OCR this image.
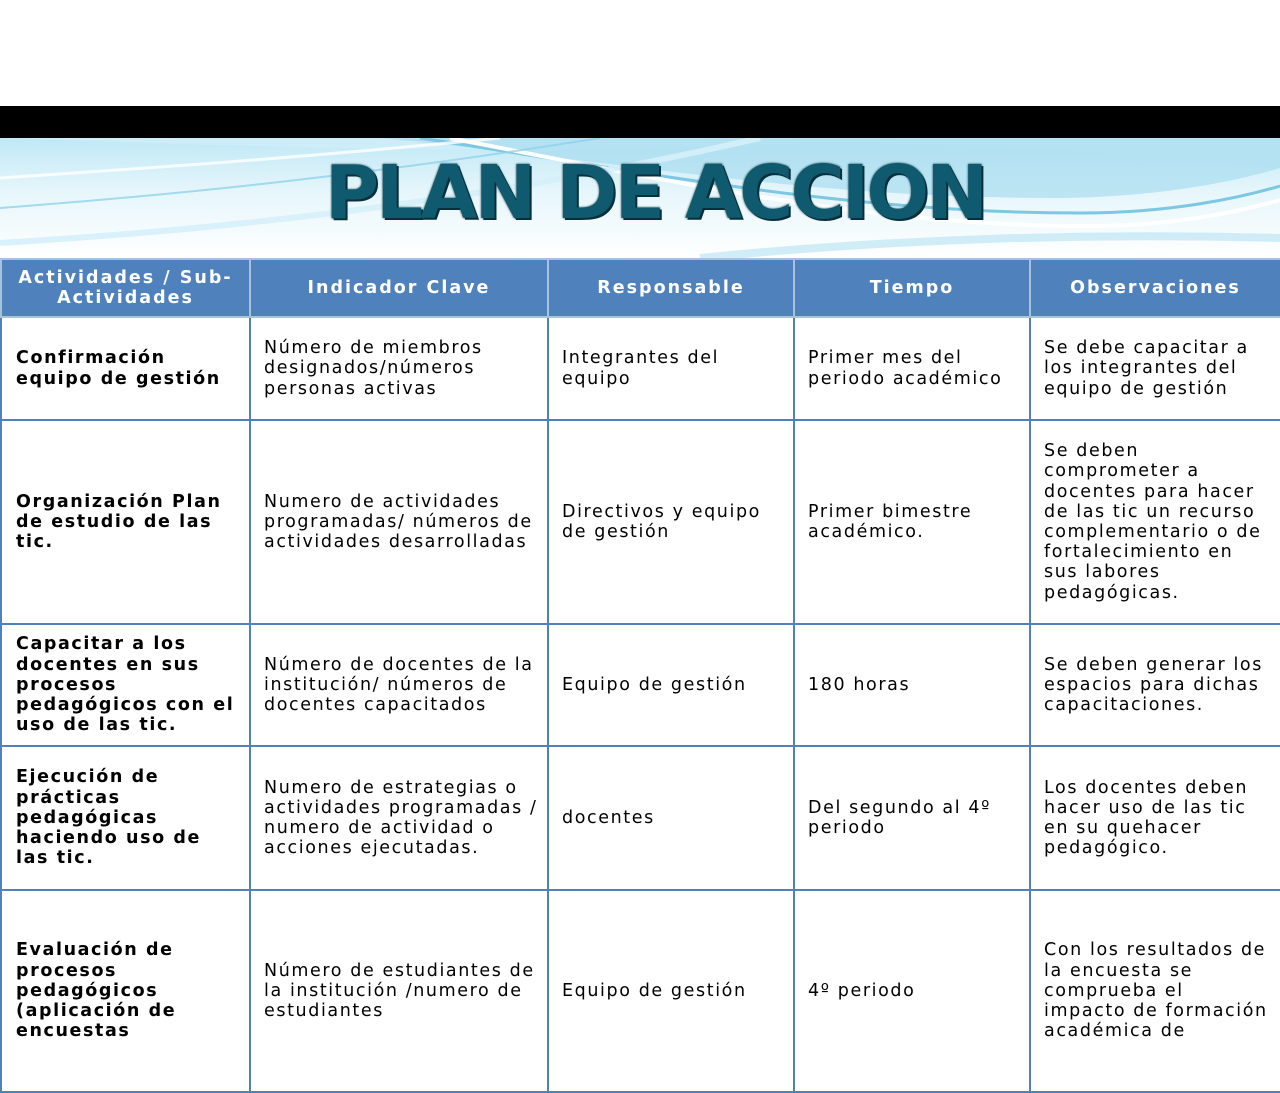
PLAN DE ACCION
Actividades / Sub- Actividades	Indicador Clave	Responsable	Tiempo	Observaciones
Confirmación equipo de gestión	Número de miembros designados/números personas activas	Integrantes del equipo	Primer mes del periodo académico	Se debe capacitar a los integrantes del equipo de gestión
Organización Plan de estudio de las tic.	Numero de actividades programadas/ números de actividades desarrolladas	Directivos y equipo de gestión	Primer bimestre académico.	Se deben comprometer a docentes para hacer de las tic un recurso complementario o de fortalecimiento en sus labores pedagógicas.
Capacitar a los docentes en sus procesos pedagógicos con el uso de las tic.	Número de docentes de la institución/ números de docentes capacitados	Equipo de gestión	180 horas	Se deben generar los espacios para dichas capacitaciones.
Ejecución de prácticas pedagógicas haciendo uso de las tic.	Numero de estrategias o actividades programadas / numero de actividad o acciones ejecutadas.	docentes	Del segundo al 4º periodo	Los docentes deben hacer uso de las tic en su quehacer pedagógico.
Evaluación de procesos pedagógicos (aplicación de encuestas	Número de estudiantes de la institución /numero de estudiantes	Equipo de gestión	4º periodo	Con los resultados de la encuesta se comprueba el impacto de formación académica de
